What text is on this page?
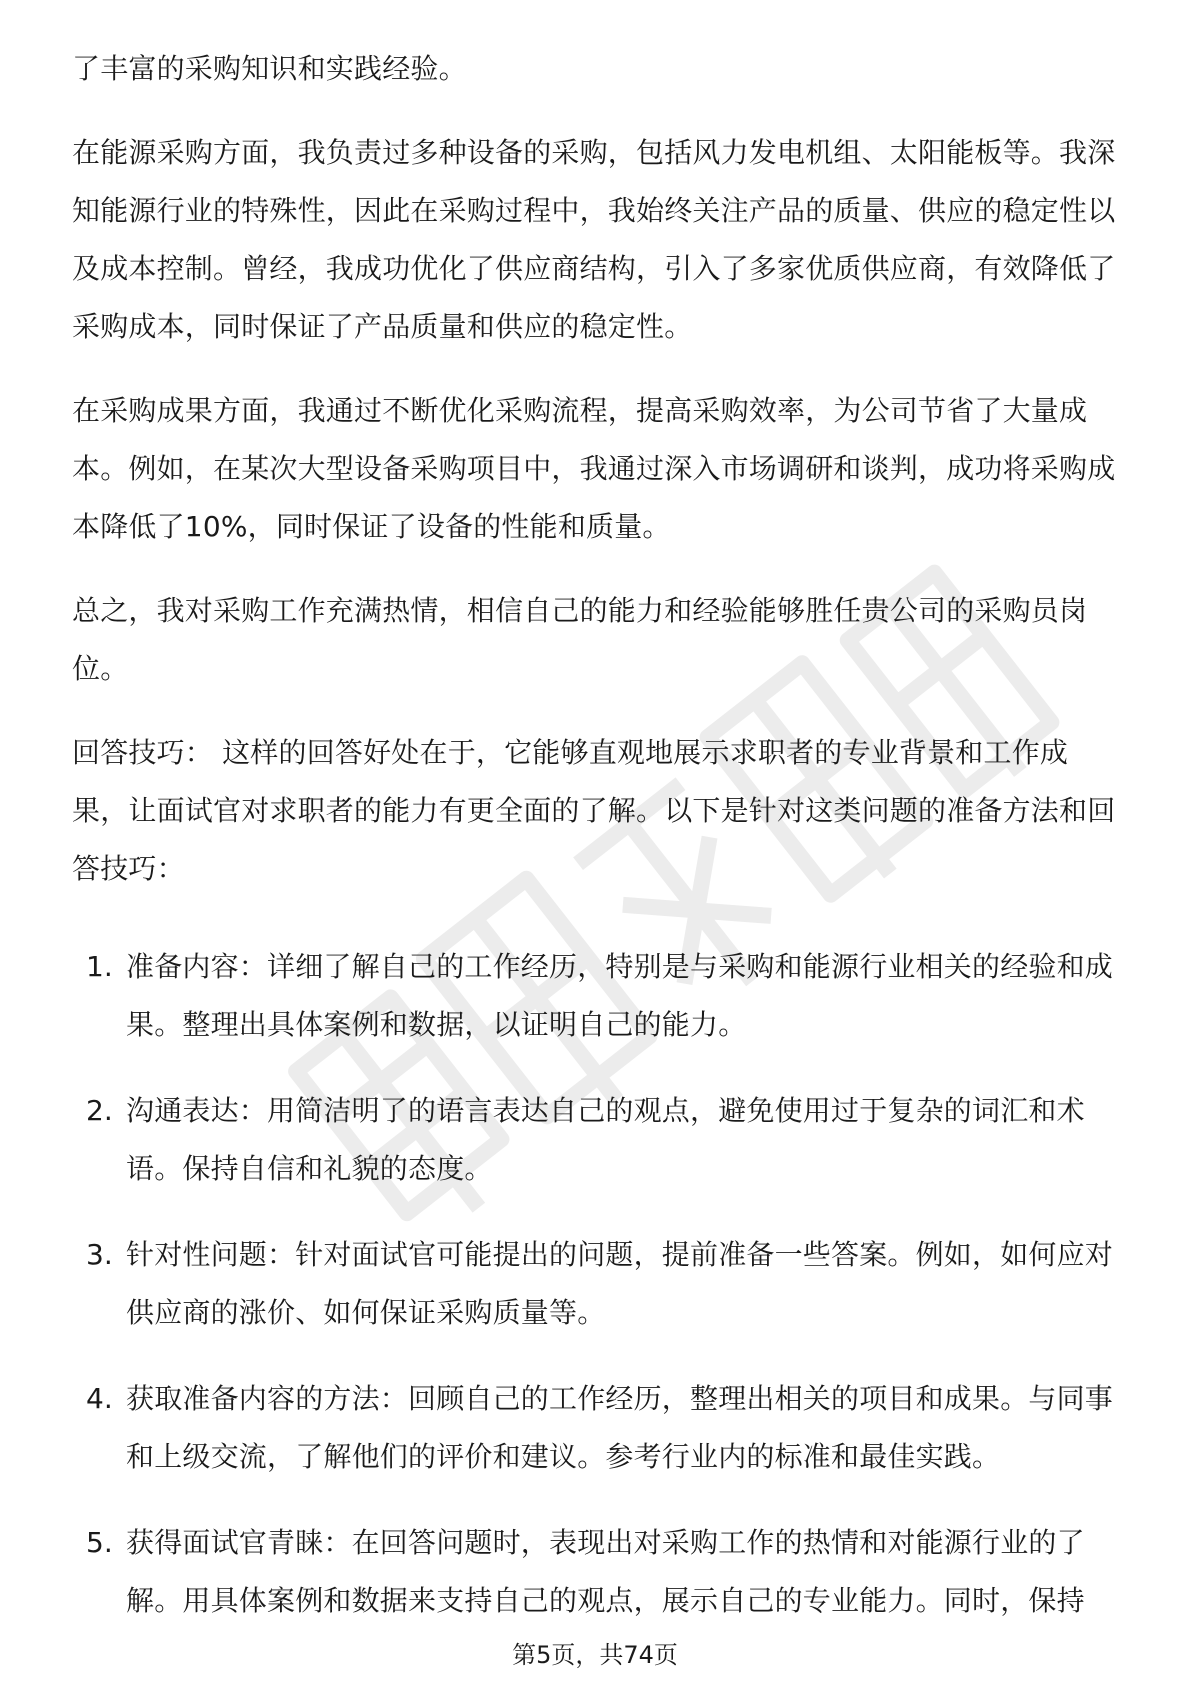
了丰富的采购知识和实践经验。

在能源采购方面，我负责过多种设备的采购，包括风力发电机组、太阳能板等。我深知能源行业的特殊性，因此在采购过程中，我始终关注产品的质量、供应的稳定性以及成本控制。曾经，我成功优化了供应商结构，引入了多家优质供应商，有效降低了采购成本，同时保证了产品质量和供应的稳定性。

在采购成果方面，我通过不断优化采购流程，提高采购效率，为公司节省了大量成本。例如，在某次大型设备采购项目中，我通过深入市场调研和谈判，成功将采购成本降低了10%，同时保证了设备的性能和质量。

总之，我对采购工作充满热情，相信自己的能力和经验能够胜任贵公司的采购员岗位。

回答技巧： 这样的回答好处在于，它能够直观地展示求职者的专业背景和工作成果，让面试官对求职者的能力有更全面的了解。以下是针对这类问题的准备方法和回答技巧：

1. 准备内容：详细了解自己的工作经历，特别是与采购和能源行业相关的经验和成果。整理出具体案例和数据，以证明自己的能力。

2. 沟通表达：用简洁明了的语言表达自己的观点，避免使用过于复杂的词汇和术语。保持自信和礼貌的态度。

3. 针对性问题：针对面试官可能提出的问题，提前准备一些答案。例如，如何应对供应商的涨价、如何保证采购质量等。

4. 获取准备内容的方法：回顾自己的工作经历，整理出相关的项目和成果。与同事和上级交流，了解他们的评价和建议。参考行业内的标准和最佳实践。

5. 获得面试官青睐：在回答问题时，表现出对采购工作的热情和对能源行业的了解。用具体案例和数据来支持自己的观点，展示自己的专业能力。同时，保持

第5页，共74页
